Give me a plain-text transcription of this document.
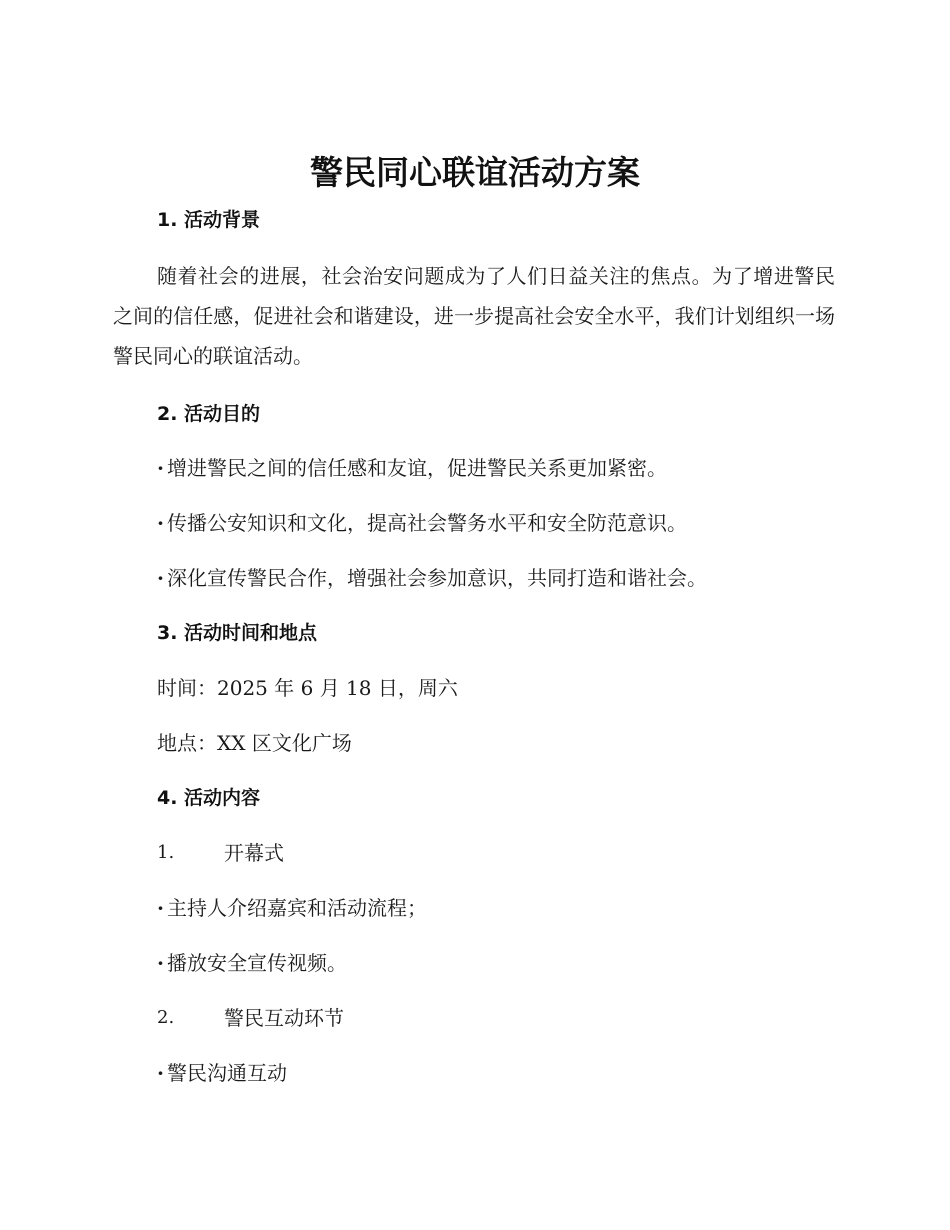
警民同心联谊活动方案
1. 活动背景

随着社会的进展，社会治安问题成为了人们日益关注的焦点。为了增进警民之间的信任感，促进社会和谐建设，进一步提高社会安全水平，我们计划组织一场警民同心的联谊活动。

2. 活动目的
· 增进警民之间的信任感和友谊，促进警民关系更加紧密。
· 传播公安知识和文化，提高社会警务水平和安全防范意识。
· 深化宣传警民合作，增强社会参加意识，共同打造和谐社会。
3. 活动时间和地点
时间：2025 年 6 月 18 日，周六
地点：XX 区文化广场
4. 活动内容
1. 开幕式
· 主持人介绍嘉宾和活动流程；
· 播放安全宣传视频。
2. 警民互动环节
· 警民沟通互动
